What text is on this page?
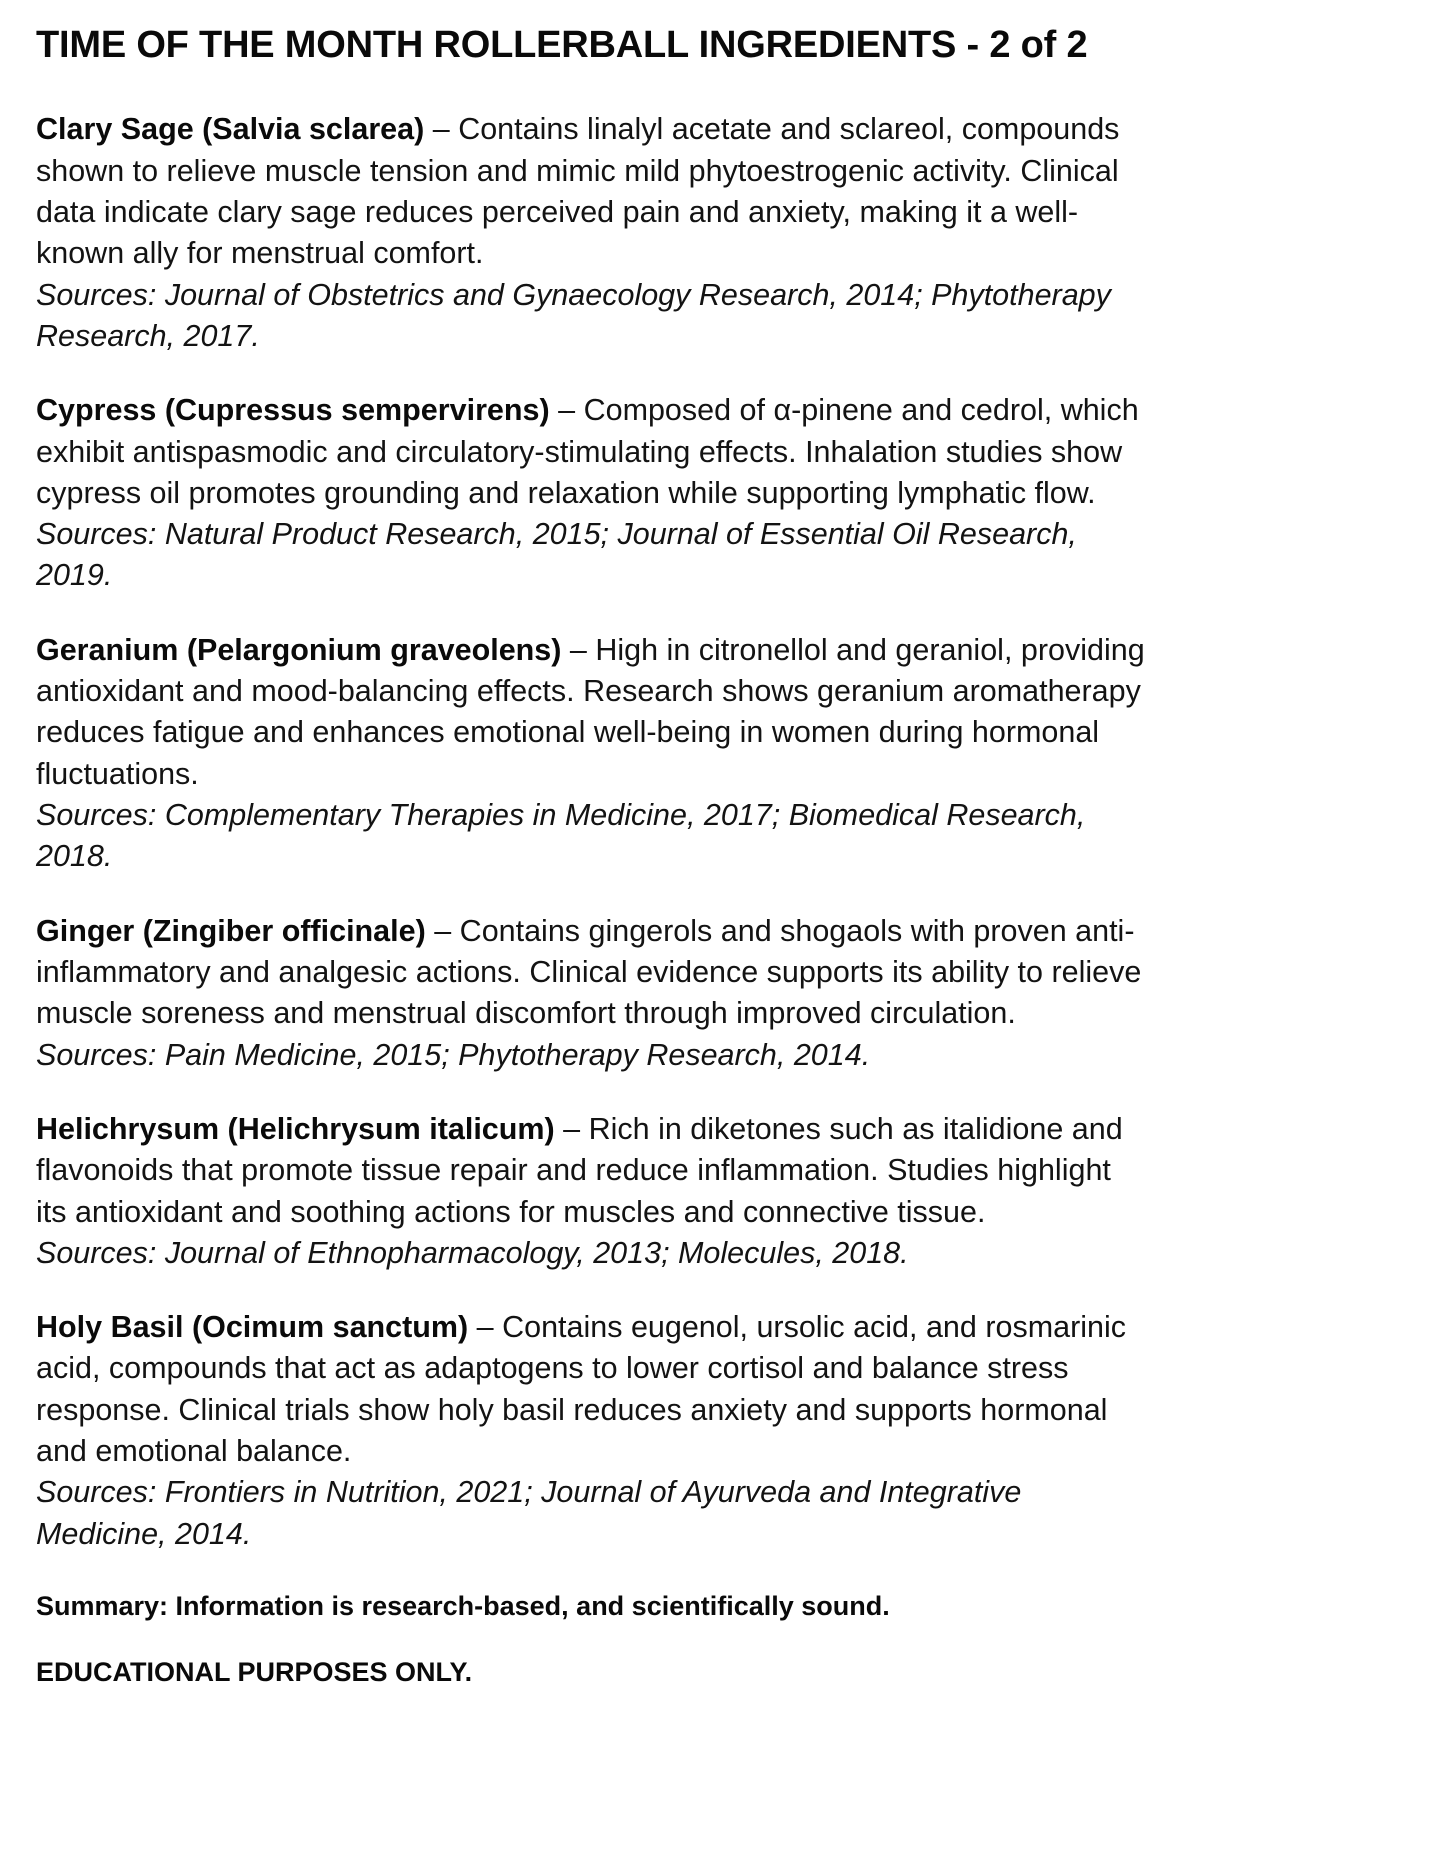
TIME OF THE MONTH ROLLERBALL INGREDIENTS - 2 of 2

Clary Sage (Salvia sclarea) – Contains linalyl acetate and sclareol, compounds shown to relieve muscle tension and mimic mild phytoestrogenic activity. Clinical data indicate clary sage reduces perceived pain and anxiety, making it a well-known ally for menstrual comfort.

Sources: Journal of Obstetrics and Gynaecology Research, 2014; Phytotherapy Research, 2017.

Cypress (Cupressus sempervirens) – Composed of α-pinene and cedrol, which exhibit antispasmodic and circulatory-stimulating effects. Inhalation studies show cypress oil promotes grounding and relaxation while supporting lymphatic flow.

Sources: Natural Product Research, 2015; Journal of Essential Oil Research, 2019.

Geranium (Pelargonium graveolens) – High in citronellol and geraniol, providing antioxidant and mood-balancing effects. Research shows geranium aromatherapy reduces fatigue and enhances emotional well-being in women during hormonal fluctuations.

Sources: Complementary Therapies in Medicine, 2017; Biomedical Research, 2018.

Ginger (Zingiber officinale) – Contains gingerols and shogaols with proven anti-inflammatory and analgesic actions. Clinical evidence supports its ability to relieve muscle soreness and menstrual discomfort through improved circulation.

Sources: Pain Medicine, 2015; Phytotherapy Research, 2014.

Helichrysum (Helichrysum italicum) – Rich in diketones such as italidione and flavonoids that promote tissue repair and reduce inflammation. Studies highlight its antioxidant and soothing actions for muscles and connective tissue.

Sources: Journal of Ethnopharmacology, 2013; Molecules, 2018.

Holy Basil (Ocimum sanctum) – Contains eugenol, ursolic acid, and rosmarinic acid, compounds that act as adaptogens to lower cortisol and balance stress response. Clinical trials show holy basil reduces anxiety and supports hormonal and emotional balance.

Sources: Frontiers in Nutrition, 2021; Journal of Ayurveda and Integrative Medicine, 2014.

Summary: Information is research-based, and scientifically sound.

EDUCATIONAL PURPOSES ONLY.
